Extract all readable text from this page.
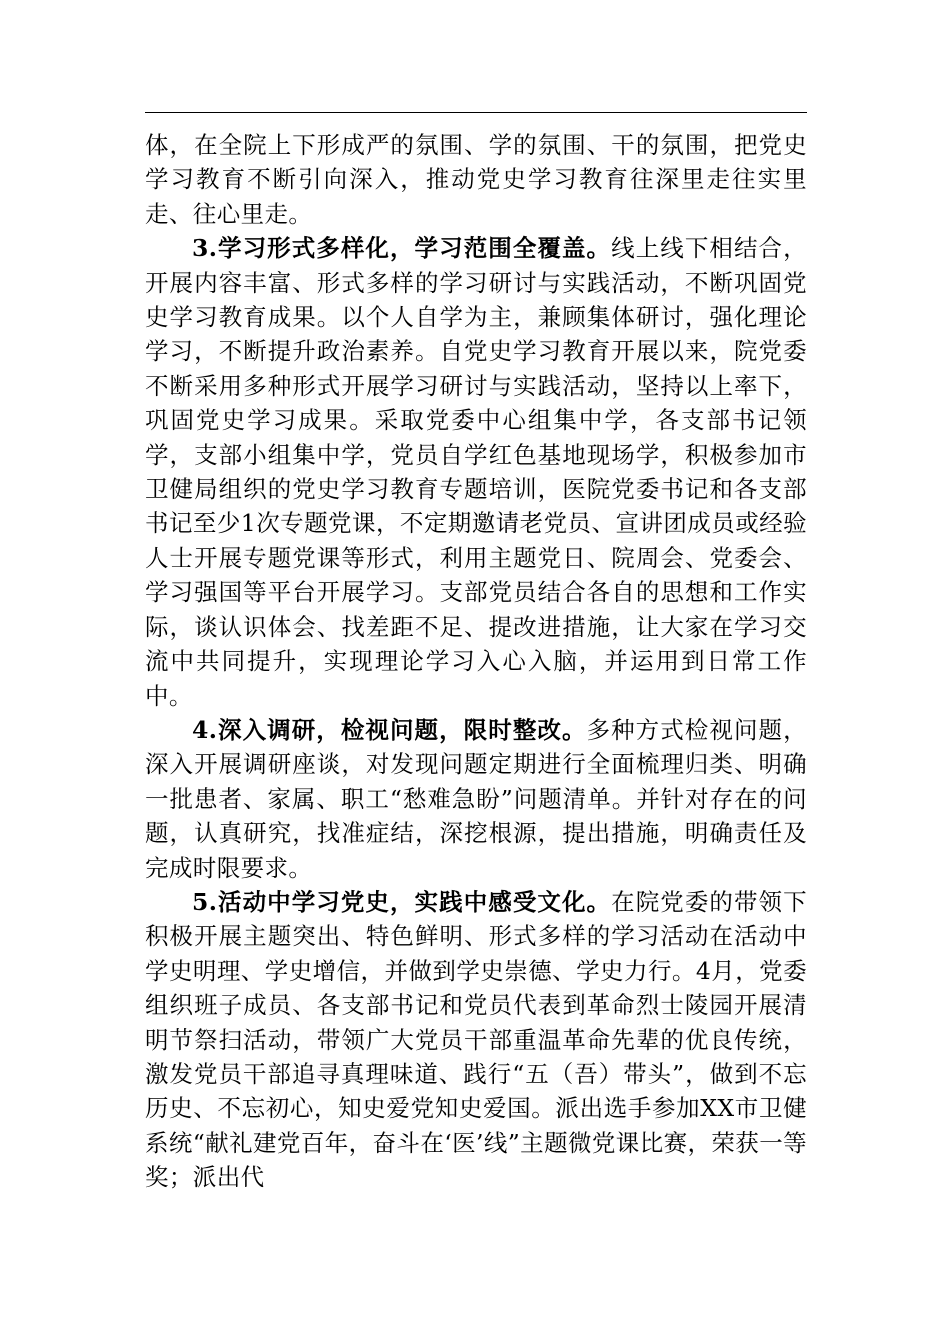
体，在全院上下形成严的氛围、学的氛围、干的氛围，把党史学习教育不断引向深入，推动党史学习教育往深里走往实里走、往心里走。

3.学习形式多样化，学习范围全覆盖。线上线下相结合，开展内容丰富、形式多样的学习研讨与实践活动，不断巩固党史学习教育成果。以个人自学为主，兼顾集体研讨，强化理论学习，不断提升政治素养。自党史学习教育开展以来，院党委不断采用多种形式开展学习研讨与实践活动，坚持以上率下，巩固党史学习成果。采取党委中心组集中学，各支部书记领学，支部小组集中学，党员自学红色基地现场学，积极参加市卫健局组织的党史学习教育专题培训，医院党委书记和各支部书记至少1次专题党课，不定期邀请老党员、宣讲团成员或经验人士开展专题党课等形式，利用主题党日、院周会、党委会、学习强国等平台开展学习。支部党员结合各自的思想和工作实际，谈认识体会、找差距不足、提改进措施，让大家在学习交流中共同提升，实现理论学习入心入脑，并运用到日常工作中。

4.深入调研，检视问题，限时整改。多种方式检视问题，深入开展调研座谈，对发现问题定期进行全面梳理归类、明确一批患者、家属、职工“愁难急盼”问题清单。并针对存在的问题，认真研究，找准症结，深挖根源，提出措施，明确责任及完成时限要求。

5.活动中学习党史，实践中感受文化。在院党委的带领下积极开展主题突出、特色鲜明、形式多样的学习活动在活动中学史明理、学史增信，并做到学史崇德、学史力行。4月，党委组织班子成员、各支部书记和党员代表到革命烈士陵园开展清明节祭扫活动，带领广大党员干部重温革命先辈的优良传统，激发党员干部追寻真理味道、践行“五（吾）带头”，做到不忘历史、不忘初心，知史爱党知史爱国。派出选手参加XX市卫健系统“献礼建党百年，奋斗在‘医’线”主题微党课比赛，荣获一等奖；派出代
